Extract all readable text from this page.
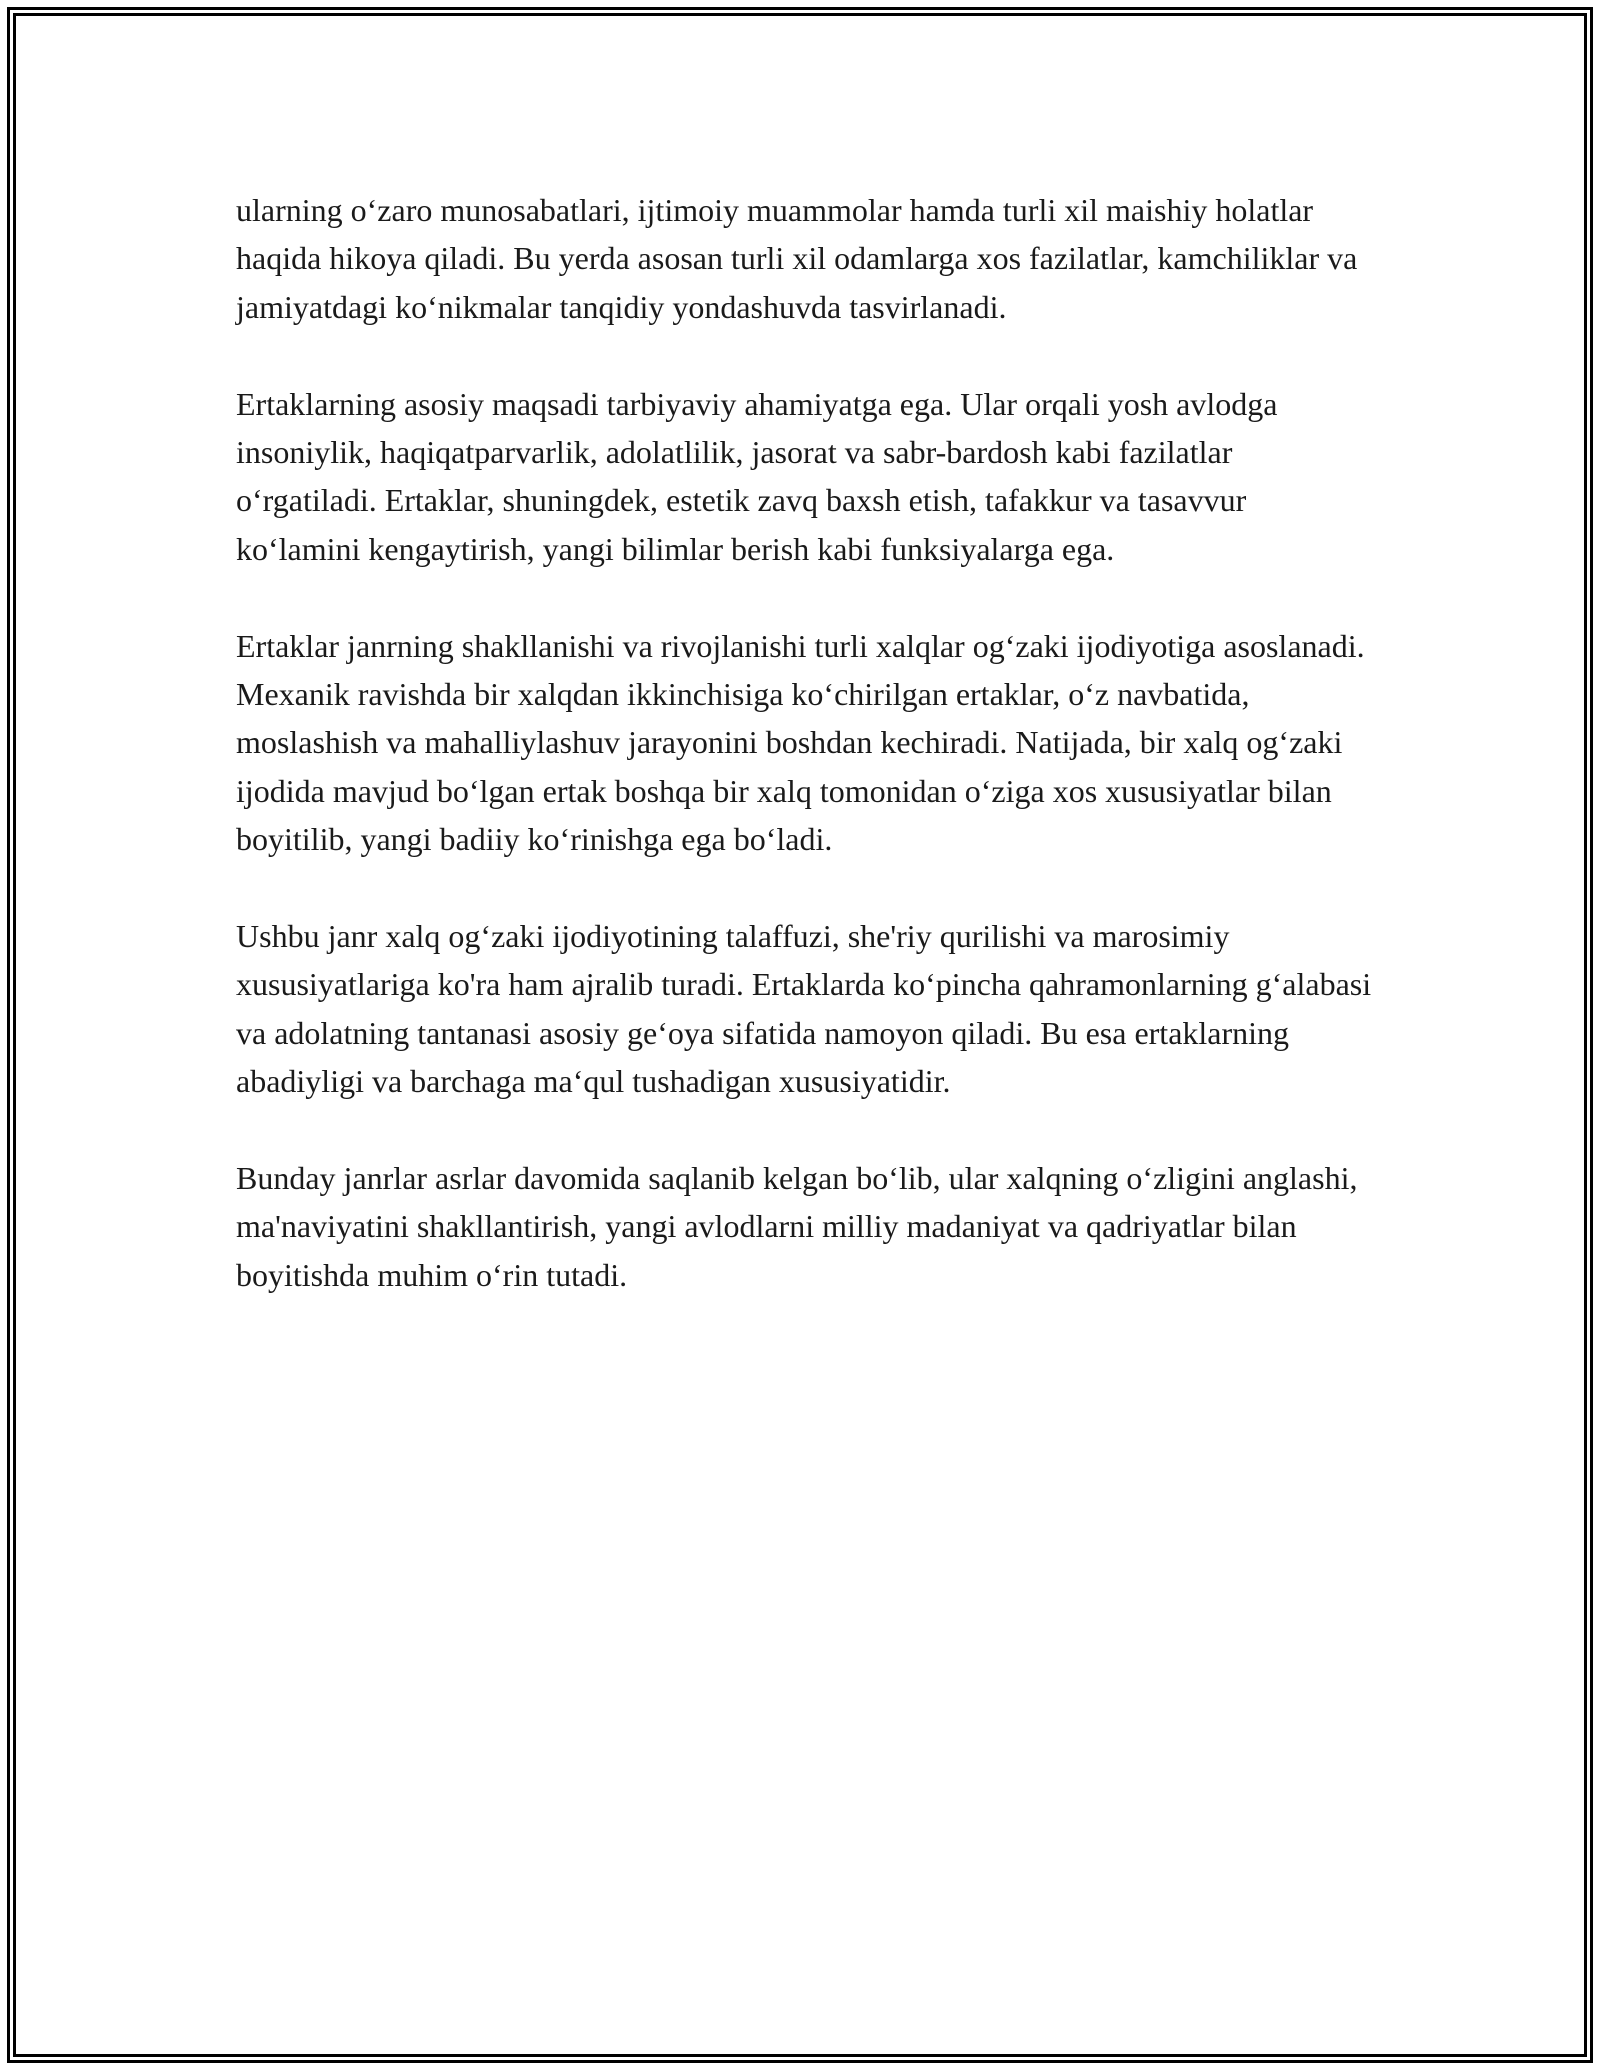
ularning o‘zaro munosabatlari, ijtimoiy muammolar hamda turli xil maishiy holatlar haqida hikoya qiladi. Bu yerda asosan turli xil odamlarga xos fazilatlar, kamchiliklar va jamiyatdagi ko‘nikmalar tanqidiy yondashuvda tasvirlanadi.

Ertaklarning asosiy maqsadi tarbiyaviy ahamiyatga ega. Ular orqali yosh avlodga insoniylik, haqiqatparvarlik, adolatlilik, jasorat va sabr-bardosh kabi fazilatlar o‘rgatiladi. Ertaklar, shuningdek, estetik zavq baxsh etish, tafakkur va tasavvur ko‘lamini kengaytirish, yangi bilimlar berish kabi funksiyalarga ega.

Ertaklar janrning shakllanishi va rivojlanishi turli xalqlar og‘zaki ijodiyotiga asoslanadi. Mexanik ravishda bir xalqdan ikkinchisiga ko‘chirilgan ertaklar, o‘z navbatida, moslashish va mahalliylashuv jarayonini boshdan kechiradi. Natijada, bir xalq og‘zaki ijodida mavjud bo‘lgan ertak boshqa bir xalq tomonidan o‘ziga xos xususiyatlar bilan boyitilib, yangi badiiy ko‘rinishga ega bo‘ladi.

Ushbu janr xalq og‘zaki ijodiyotining talaffuzi, she'riy qurilishi va marosimiy xususiyatlariga ko'ra ham ajralib turadi. Ertaklarda ko‘pincha qahramonlarning g‘alabasi va adolatning tantanasi asosiy ge‘oya sifatida namoyon qiladi. Bu esa ertaklarning abadiyligi va barchaga ma‘qul tushadigan xususiyatidir.

Bunday janrlar asrlar davomida saqlanib kelgan bo‘lib, ular xalqning o‘zligini anglashi, ma'naviyatini shakllantirish, yangi avlodlarni milliy madaniyat va qadriyatlar bilan boyitishda muhim o‘rin tutadi.
